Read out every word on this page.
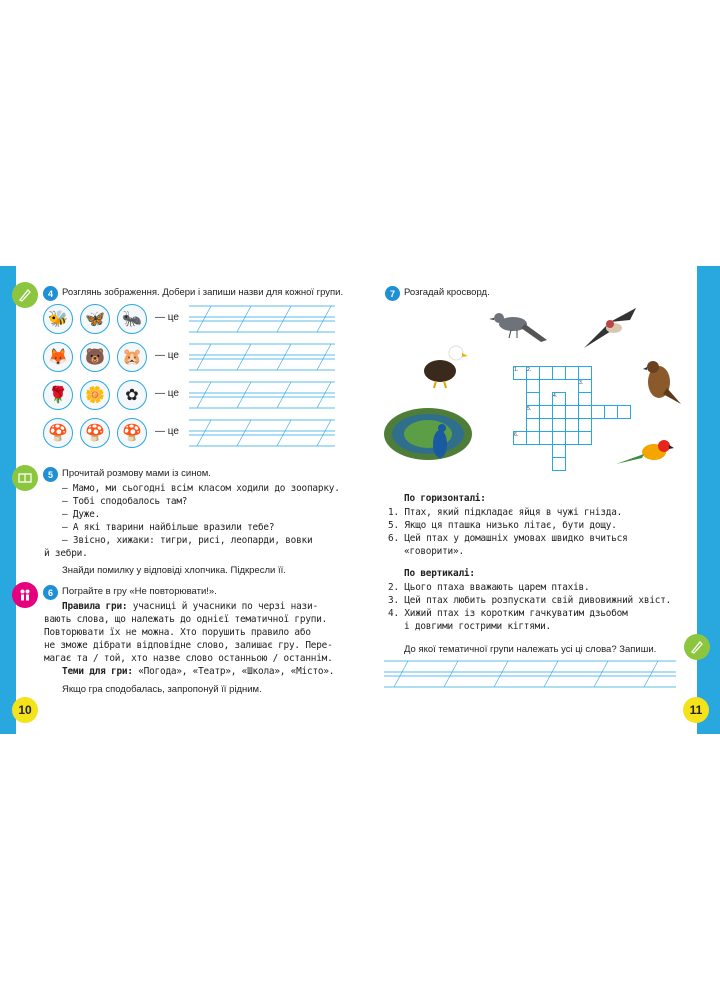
4 Розглянь зображення. Добери і запиши назви для кожної групи.
🐝	🦋	🐜	— це
🦊	🐻	🐹	— це
🌹	🌼	✿	— це
🍄	🍄	🍄	— це
5 Прочитай розмову мами із сином.
— Мамо, ми сьогодні всім класом ходили до зоопарку.
— Тобі сподобалось там?
— Дуже.
— А які тварини найбільше вразили тебе?
— Звісно, хижаки: тигри, рисі, леопарди, вовки
й зебри.
Знайди помилку у відповіді хлопчика. Підкресли її.
6 Пограйте в гру «Не повторювати!».
Правила гри: учасниці й учасники по черзі нази-
вають слова, що належать до однієї тематичної групи.
Повторювати їх не можна. Хто порушить правило або
не зможе дібрати відповідне слово, залишає гру. Пере-
магає та / той, хто назве слово останньою / останнім.
Теми для гри: «Погода», «Театр», «Школа», «Місто».
Якщо гра сподобалась, запропонуй її рідним.
10
7 Розгадай кросворд.
1. 2.
3.
4.
5.
6.
По горизонталі:
1. Птах, який підкладає яйця в чужі гнізда.
5. Якщо ця пташка низько літає, бути дощу.
6. Цей птах у домашніх умовах швидко вчиться
«говорити».
По вертикалі:
2. Цього птаха вважають царем птахів.
3. Цей птах любить розпускати свій дивовижний хвіст.
4. Хижий птах із коротким гачкуватим дзьобом
і довгими гострими кігтями.
До якої тематичної групи належать усі ці слова? Запиши.
11
